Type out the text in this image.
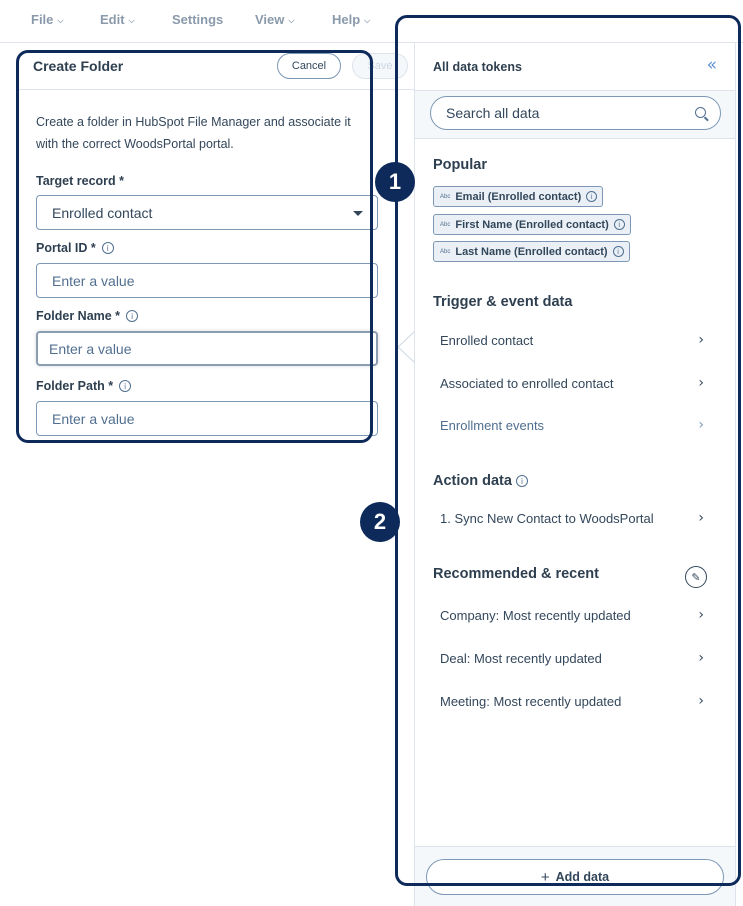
File ⌵	Edit ⌵	Settings View ⌵	Help ⌵
Create Folder	Cancel	Save
Create a folder in HubSpot File Manager and associate it with the correct WoodsPortal portal.
Target record *
Enrolled contact
Portal ID *	i
Enter a value
Folder Name *	i
Enter a value
Folder Path *	i
Enter a value
All data tokens	«
Search all data
Popular
Abc Email (Enrolled contact)	i
Abc First Name (Enrolled contact)	i
Abc Last Name (Enrolled contact)	i
Trigger & event data
Enrolled contact	›
Associated to enrolled contact	›
Enrollment events	›
Action data	i
1. Sync New Contact to WoodsPortal	›
Recommended & recent	✎
Company: Most recently updated	›
Deal: Most recently updated	›
Meeting: Most recently updated	›
+ Add data
1
2
